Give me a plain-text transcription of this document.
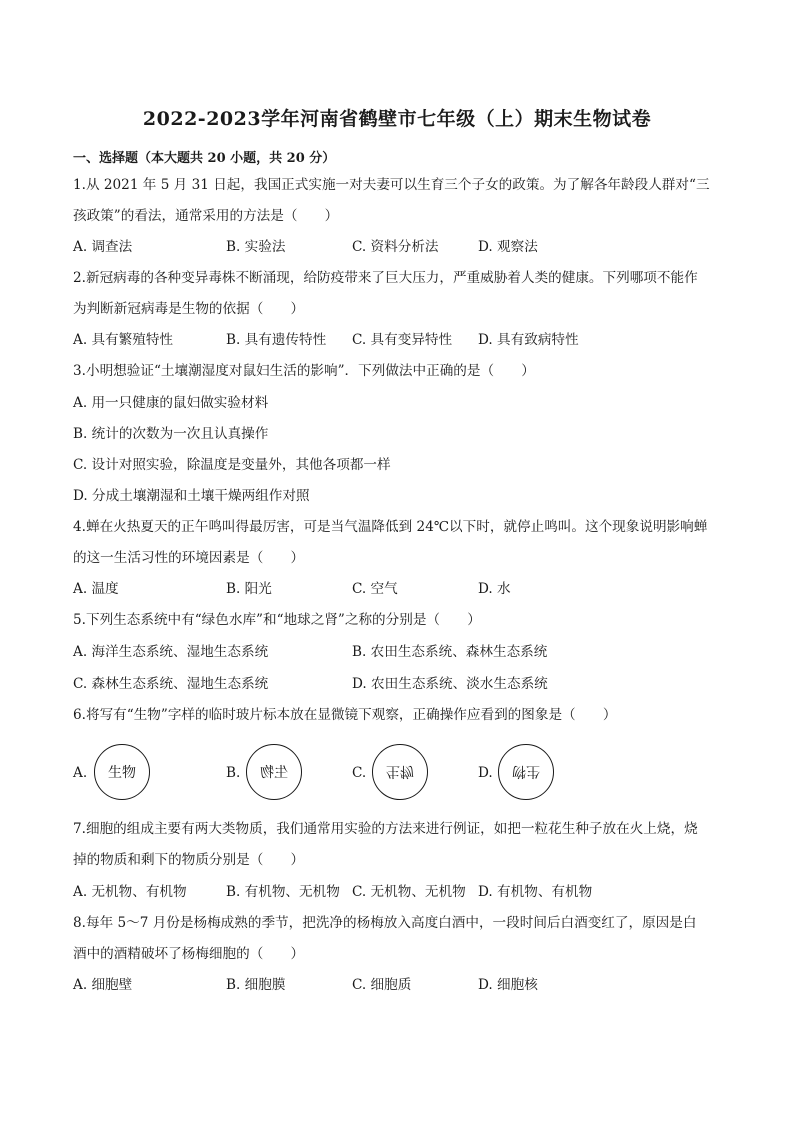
2022-2023学年河南省鹤壁市七年级（上）期末生物试卷
一、选择题（本大题共 20 小题，共 20 分）
1.从 2021 年 5 月 31 日起，我国正式实施一对夫妻可以生育三个子女的政策。为了解各年龄段人群对“三
孩政策”的看法，通常采用的方法是（　　）
A. 调查法	B. 实验法	C. 资料分析法	D. 观察法
2.新冠病毒的各种变异毒株不断涌现，给防疫带来了巨大压力，严重威胁着人类的健康。下列哪项不能作
为判断新冠病毒是生物的依据（　　）
A. 具有繁殖特性	B. 具有遗传特性 C. 具有变异特性 D. 具有致病特性
3.小明想验证“土壤潮湿度对鼠妇生活的影响”．下列做法中正确的是（　　）
A. 用一只健康的鼠妇做实验材料
B. 统计的次数为一次且认真操作
C. 设计对照实验，除温度是变量外，其他各项都一样
D. 分成土壤潮湿和土壤干燥两组作对照
4.蝉在火热夏天的正午鸣叫得最厉害，可是当气温降低到 24℃以下时，就停止鸣叫。这个现象说明影响蝉
的这一生活习性的环境因素是（　　）
A. 温度	B. 阳光	C. 空气	D. 水
5.下列生态系统中有“绿色水库”和“地球之肾”之称的分别是（　　）
A. 海洋生态系统、湿地生态系统	B. 农田生态系统、森林生态系统
C. 森林生态系统、湿地生态系统	D. 农田生态系统、淡水生态系统
6.将写有“生物”字样的临时玻片标本放在显微镜下观察，正确操作应看到的图象是（　　）
A. 生物	B. 生物	C. 生物	D. 生物
7.细胞的组成主要有两大类物质，我们通常用实验的方法来进行例证，如把一粒花生种子放在火上烧，烧
掉的物质和剩下的物质分别是（　　）
A. 无机物、有机物	B. 有机物、无机物 C. 无机物、无机物 D. 有机物、有机物
8.每年 5～7 月份是杨梅成熟的季节，把洗净的杨梅放入高度白酒中，一段时间后白酒变红了，原因是白
酒中的酒精破坏了杨梅细胞的（　　）
A. 细胞壁	B. 细胞膜	C. 细胞质	D. 细胞核
